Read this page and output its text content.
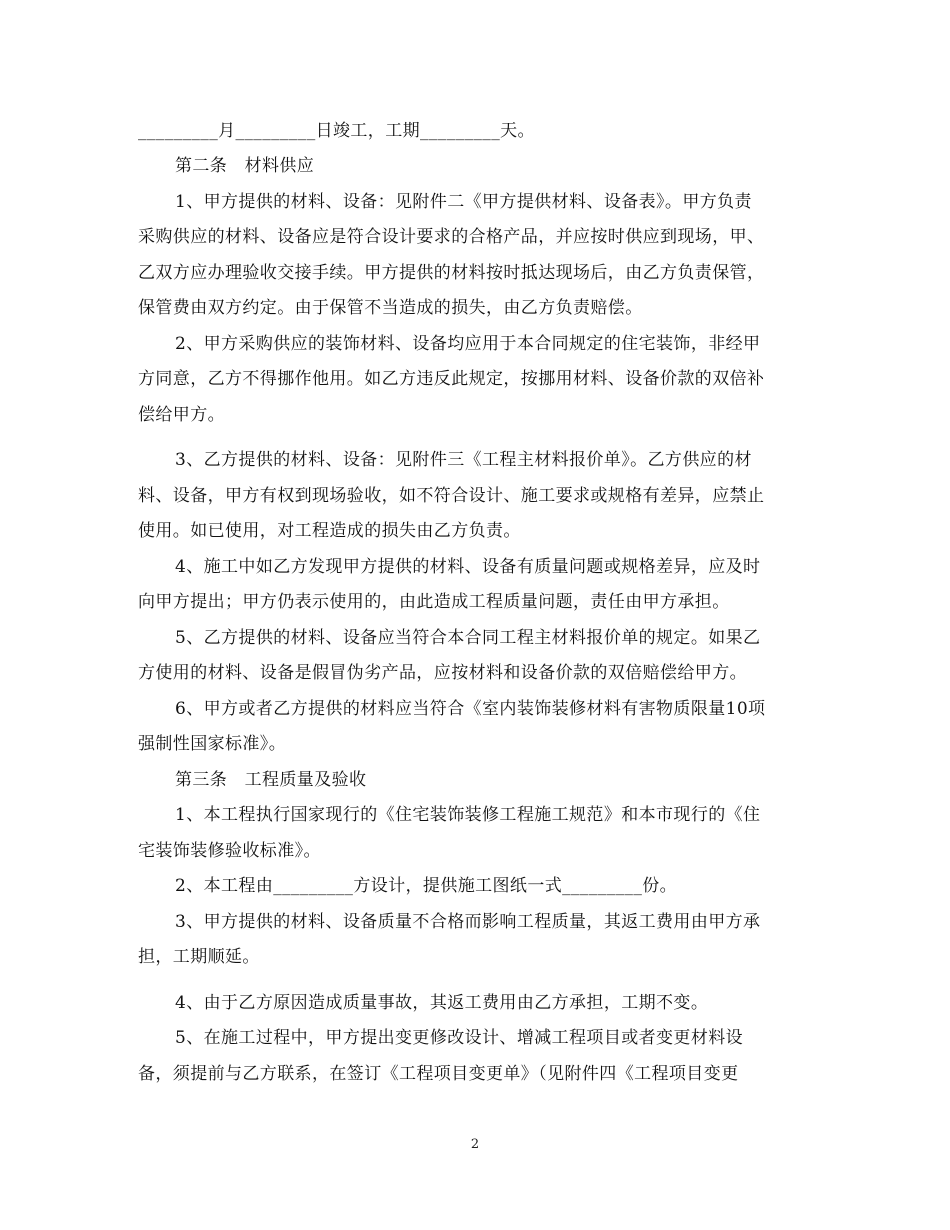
_________月_________日竣工，工期_________天。
第二条　材料供应
1、甲方提供的材料、设备：见附件二《甲方提供材料、设备表》。甲方负责
采购供应的材料、设备应是符合设计要求的合格产品，并应按时供应到现场，甲、
乙双方应办理验收交接手续。甲方提供的材料按时抵达现场后，由乙方负责保管，
保管费由双方约定。由于保管不当造成的损失，由乙方负责赔偿。
2、甲方采购供应的装饰材料、设备均应用于本合同规定的住宅装饰，非经甲
方同意，乙方不得挪作他用。如乙方违反此规定，按挪用材料、设备价款的双倍补
偿给甲方。
3、乙方提供的材料、设备：见附件三《工程主材料报价单》。乙方供应的材
料、设备，甲方有权到现场验收，如不符合设计、施工要求或规格有差异，应禁止
使用。如已使用，对工程造成的损失由乙方负责。
4、施工中如乙方发现甲方提供的材料、设备有质量问题或规格差异，应及时
向甲方提出；甲方仍表示使用的，由此造成工程质量问题，责任由甲方承担。
5、乙方提供的材料、设备应当符合本合同工程主材料报价单的规定。如果乙
方使用的材料、设备是假冒伪劣产品，应按材料和设备价款的双倍赔偿给甲方。
6、甲方或者乙方提供的材料应当符合《室内装饰装修材料有害物质限量10项
强制性国家标准》。
第三条　工程质量及验收
1、本工程执行国家现行的《住宅装饰装修工程施工规范》和本市现行的《住
宅装饰装修验收标准》。
2、本工程由_________方设计，提供施工图纸一式_________份。
3、甲方提供的材料、设备质量不合格而影响工程质量，其返工费用由甲方承
担，工期顺延。
4、由于乙方原因造成质量事故，其返工费用由乙方承担，工期不变。
5、在施工过程中，甲方提出变更修改设计、增减工程项目或者变更材料设
备，须提前与乙方联系，在签订《工程项目变更单》（见附件四《工程项目变更
2
